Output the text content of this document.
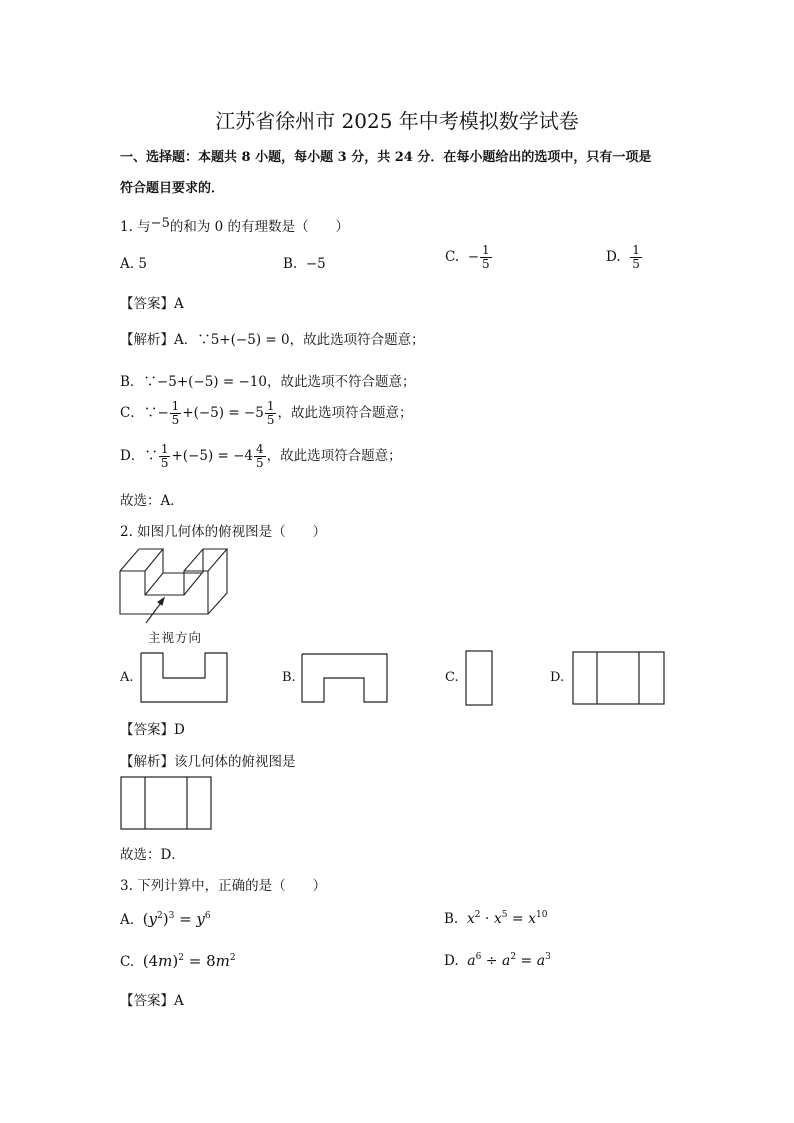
江苏省徐州市 2025 年中考模拟数学试卷
一、选择题：本题共 8 小题，每小题 3 分，共 24 分．在每小题给出的选项中，只有一项是
符合题目要求的．
1. 与$^{-5}$的和为 0 的有理数是（　　）
A. 5	B. −5	C. − $\frac{1}{5}$	D. $\frac{1}{5}$
【答案】A
【解析】A．∵5+(−5) = 0，故此选项符合题意；
B．∵−5+(−5) = −10，故此选项不符合题意；
C．∵− $\frac{1}{5} +(-5) = -5 \frac{1}{5}$ ，故此选项符合题意；
D．∵ $\frac{1}{5} +(-5) = -4 \frac{4}{5}$ ，故此选项符合题意；
故选：A．
2. 如图几何体的俯视图是（　　）
主视方向
A.	B.	C.	D.
【答案】D
【解析】该几何体的俯视图是
故选：D．
3. 下列计算中，正确的是（　　）
A. $(y^2)^3 = y^6$	B. $x^2 \cdot x^5 = x^{10}$
C. $(4m)^2 = 8m^2$	D. $a^6 \div a^2 = a^3$
【答案】A
